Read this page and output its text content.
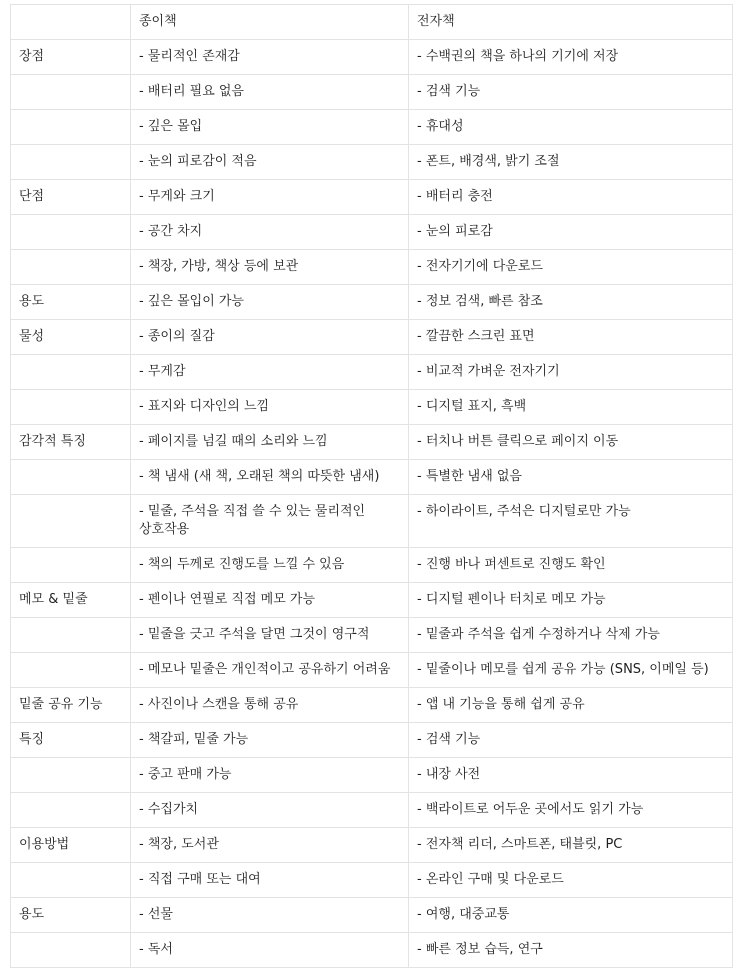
	종이책	전자책
장점	- 물리적인 존재감	- 수백권의 책을 하나의 기기에 저장
	- 배터리 필요 없음	- 검색 기능
	- 깊은 몰입	- 휴대성
	- 눈의 피로감이 적음	- 폰트, 배경색, 밝기 조절
단점	- 무게와 크기	- 배터리 충전
	- 공간 차지	- 눈의 피로감
	- 책장, 가방, 책상 등에 보관	- 전자기기에 다운로드
용도	- 깊은 몰입이 가능	- 정보 검색, 빠른 참조
물성	- 종이의 질감	- 깔끔한 스크린 표면
	- 무게감	- 비교적 가벼운 전자기기
	- 표지와 디자인의 느낌	- 디지털 표지, 흑백
감각적 특징	- 페이지를 넘길 때의 소리와 느낌	- 터치나 버튼 클릭으로 페이지 이동
	- 책 냄새 (새 책, 오래된 책의 따뜻한 냄새)	- 특별한 냄새 없음
	- 밑줄, 주석을 직접 쓸 수 있는 물리적인 상호작용	- 하이라이트, 주석은 디지털로만 가능
	- 책의 두께로 진행도를 느낄 수 있음	- 진행 바나 퍼센트로 진행도 확인
메모 & 밑줄	- 펜이나 연필로 직접 메모 가능	- 디지털 펜이나 터치로 메모 가능
	- 밑줄을 긋고 주석을 달면 그것이 영구적	- 밑줄과 주석을 쉽게 수정하거나 삭제 가능
	- 메모나 밑줄은 개인적이고 공유하기 어려움	- 밑줄이나 메모를 쉽게 공유 가능 (SNS, 이메일 등)
밑줄 공유 기능	- 사진이나 스캔을 통해 공유	- 앱 내 기능을 통해 쉽게 공유
특징	- 책갈피, 밑줄 가능	- 검색 기능
	- 중고 판매 가능	- 내장 사전
	- 수집가치	- 백라이트로 어두운 곳에서도 읽기 가능
이용방법	- 책장, 도서관	- 전자책 리더, 스마트폰, 태블릿, PC
	- 직접 구매 또는 대여	- 온라인 구매 및 다운로드
용도	- 선물	- 여행, 대중교통
	- 독서	- 빠른 정보 습득, 연구
